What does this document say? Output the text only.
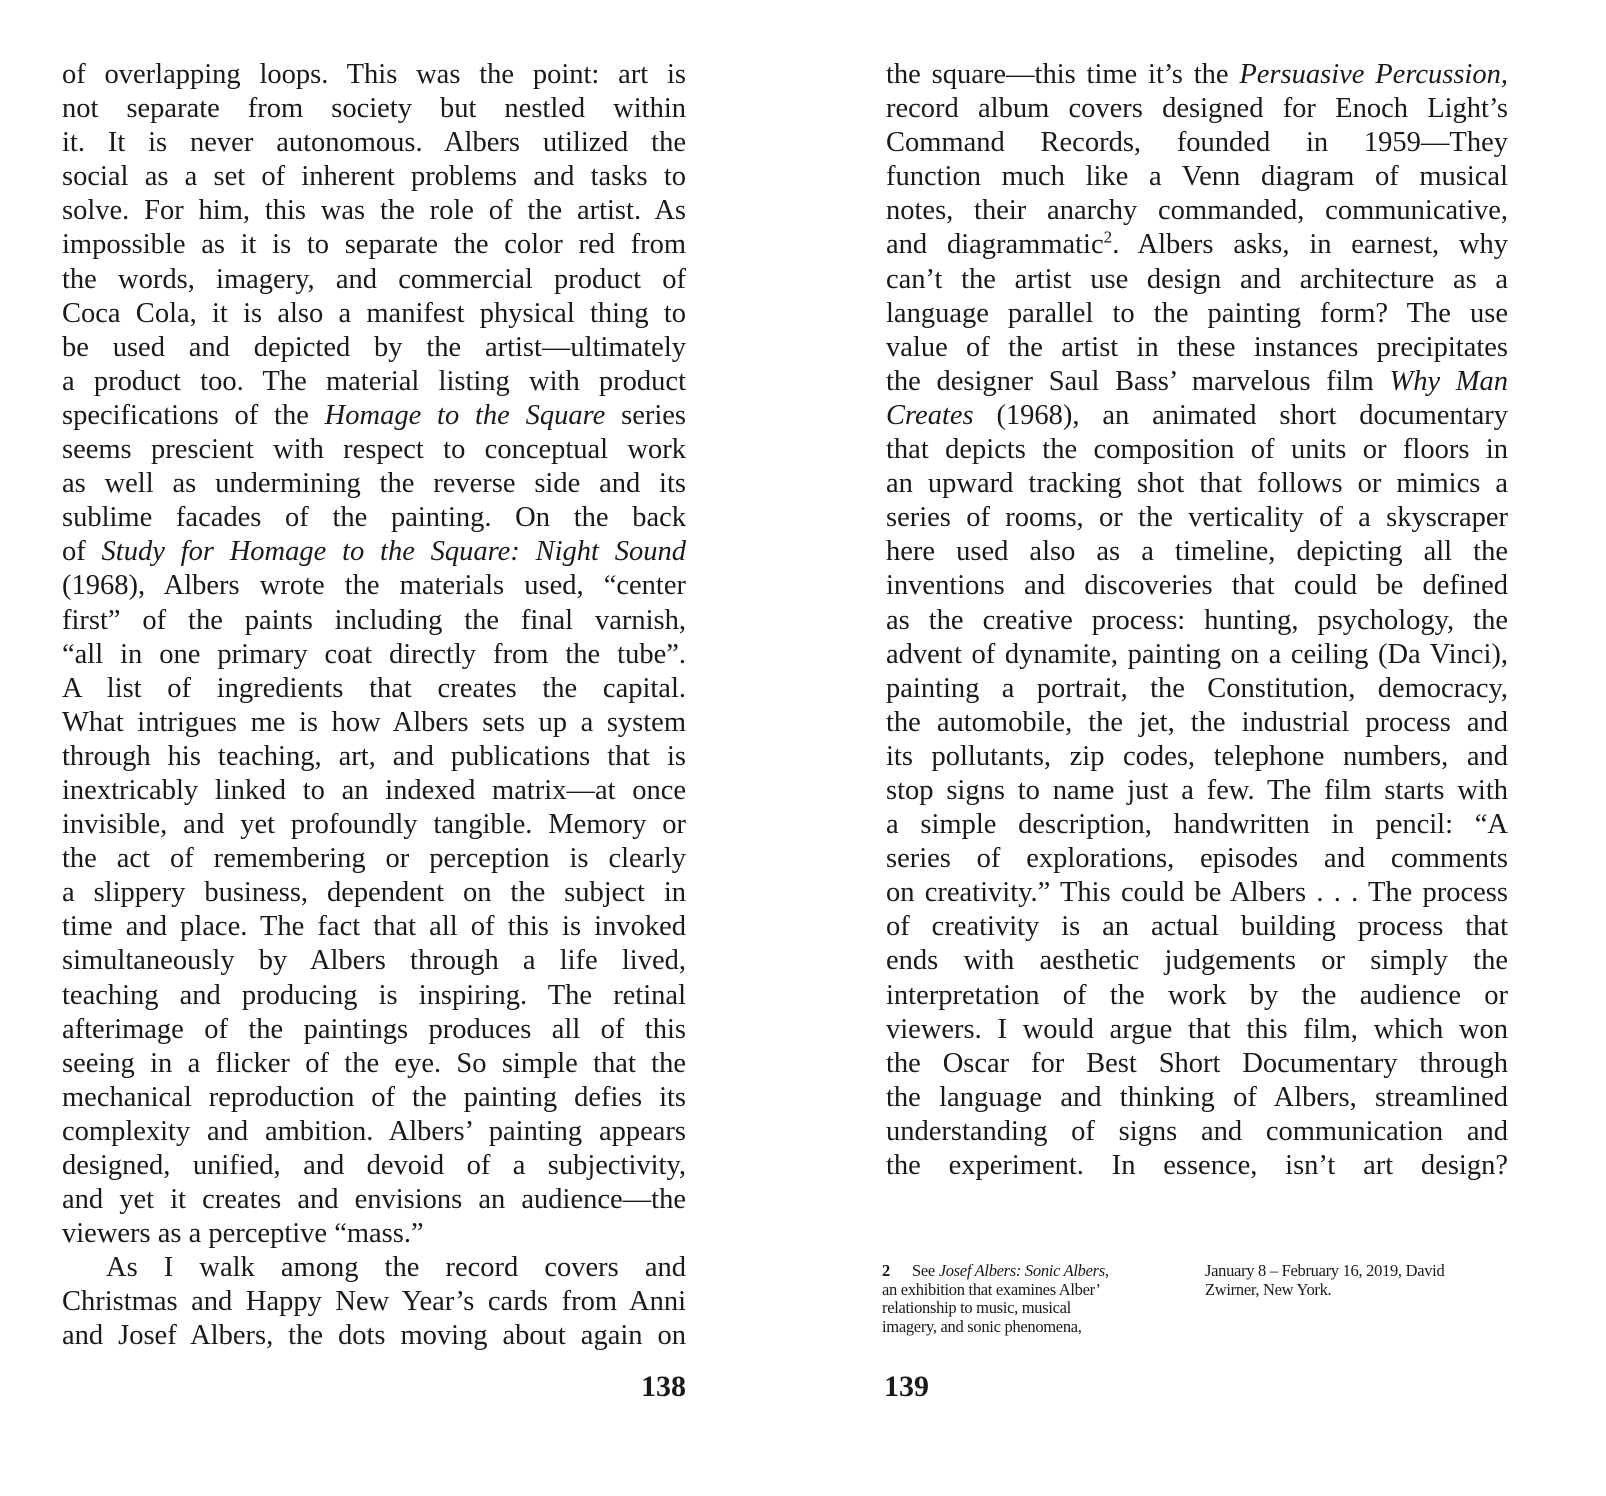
of overlapping loops. This was the point: art is
not separate from society but nestled within
it. It is never autonomous. Albers utilized the
social as a set of inherent problems and tasks to
solve. For him, this was the role of the artist. As
impossible as it is to separate the color red from
the words, imagery, and commercial product of
Coca Cola, it is also a manifest physical thing to
be used and depicted by the artist—ultimately
a product too. The material listing with product
specifications of the Homage to the Square series
seems prescient with respect to conceptual work
as well as undermining the reverse side and its
sublime facades of the painting. On the back
of Study for Homage to the Square: Night Sound
(1968), Albers wrote the materials used, “center
first” of the paints including the final varnish,
“all in one primary coat directly from the tube”.
A list of ingredients that creates the capital.
What intrigues me is how Albers sets up a system
through his teaching, art, and publications that is
inextricably linked to an indexed matrix—at once
invisible, and yet profoundly tangible. Memory or
the act of remembering or perception is clearly
a slippery business, dependent on the subject in
time and place. The fact that all of this is invoked
simultaneously by Albers through a life lived,
teaching and producing is inspiring. The retinal
afterimage of the paintings produces all of this
seeing in a flicker of the eye. So simple that the
mechanical reproduction of the painting defies its
complexity and ambition. Albers’ painting appears
designed, unified, and devoid of a subjectivity,
and yet it creates and envisions an audience—the
viewers as a perceptive “mass.”
As I walk among the record covers and
Christmas and Happy New Year’s cards from Anni
and Josef Albers, the dots moving about again on
the square—this time it’s the Persuasive Percussion,
record album covers designed for Enoch Light’s
Command Records, founded in 1959—They
function much like a Venn diagram of musical
notes, their anarchy commanded, communicative,
and diagrammatic$^2$. Albers asks, in earnest, why
can’t the artist use design and architecture as a
language parallel to the painting form? The use
value of the artist in these instances precipitates
the designer Saul Bass’ marvelous film Why Man
Creates (1968), an animated short documentary
that depicts the composition of units or floors in
an upward tracking shot that follows or mimics a
series of rooms, or the verticality of a skyscraper
here used also as a timeline, depicting all the
inventions and discoveries that could be defined
as the creative process: hunting, psychology, the
advent of dynamite, painting on a ceiling (Da Vinci),
painting a portrait, the Constitution, democracy,
the automobile, the jet, the industrial process and
its pollutants, zip codes, telephone numbers, and
stop signs to name just a few. The film starts with
a simple description, handwritten in pencil: “A
series of explorations, episodes and comments
on creativity.” This could be Albers . . . The process
of creativity is an actual building process that
ends with aesthetic judgements or simply the
interpretation of the work by the audience or
viewers. I would argue that this film, which won
the Oscar for Best Short Documentary through
the language and thinking of Albers, streamlined
understanding of signs and communication and
the experiment. In essence, isn’t art design?
2 See Josef Albers: Sonic Albers,
an exhibition that examines Alber’
relationship to music, musical
imagery, and sonic phenomena,
January 8 – February 16, 2019, David
Zwirner, New York.
138	139
